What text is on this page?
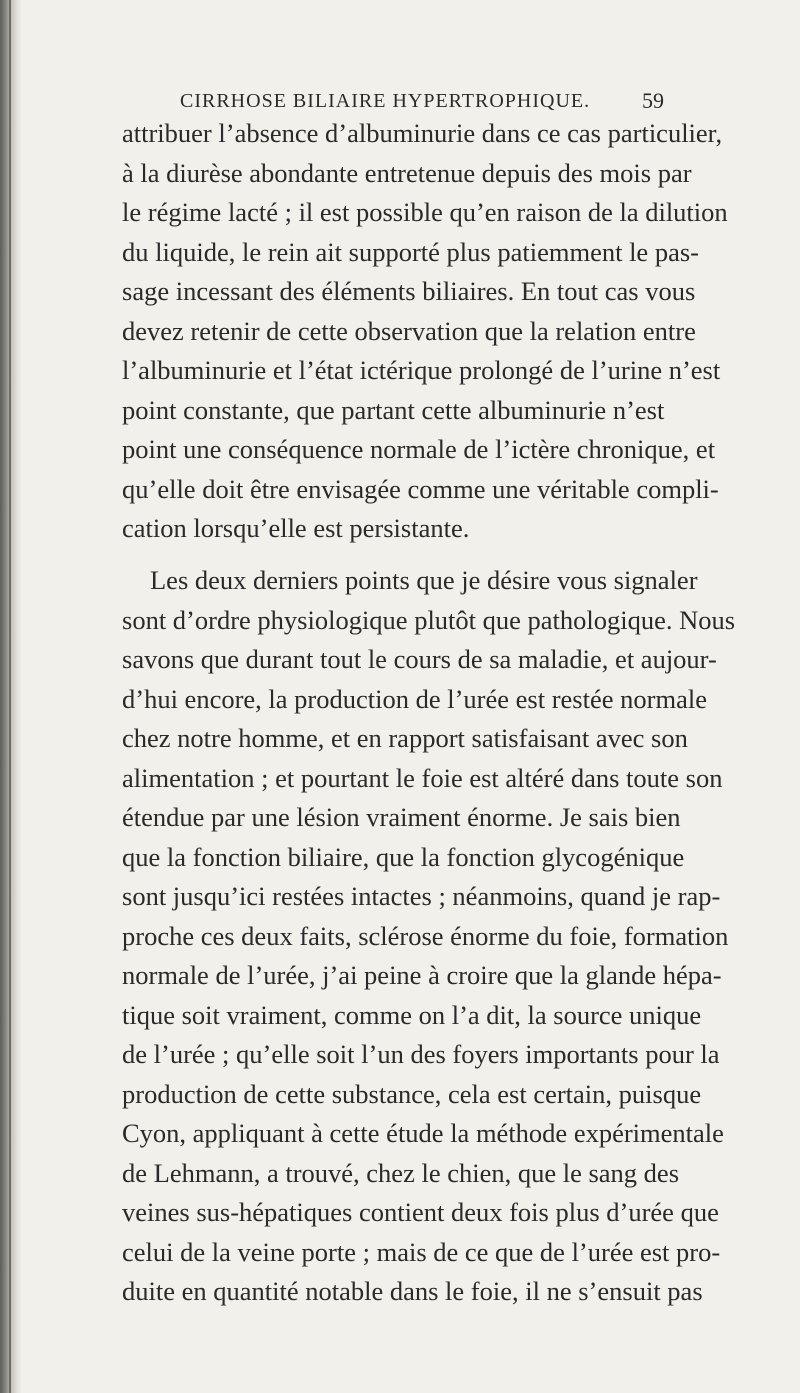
CIRRHOSE BILIAIRE HYPERTROPHIQUE.	59
attribuer l’absence d’albuminurie dans ce cas particulier,
à la diurèse abondante entretenue depuis des mois par
le régime lacté ; il est possible qu’en raison de la dilution
du liquide, le rein ait supporté plus patiemment le pas-
sage incessant des éléments biliaires. En tout cas vous
devez retenir de cette observation que la relation entre
l’albuminurie et l’état ictérique prolongé de l’urine n’est
point constante, que partant cette albuminurie n’est
point une conséquence normale de l’ictère chronique, et
qu’elle doit être envisagée comme une véritable compli-
cation lorsqu’elle est persistante.
Les deux derniers points que je désire vous signaler
sont d’ordre physiologique plutôt que pathologique. Nous
savons que durant tout le cours de sa maladie, et aujour-
d’hui encore, la production de l’urée est restée normale
chez notre homme, et en rapport satisfaisant avec son
alimentation ; et pourtant le foie est altéré dans toute son
étendue par une lésion vraiment énorme. Je sais bien
que la fonction biliaire, que la fonction glycogénique
sont jusqu’ici restées intactes ; néanmoins, quand je rap-
proche ces deux faits, sclérose énorme du foie, formation
normale de l’urée, j’ai peine à croire que la glande hépa-
tique soit vraiment, comme on l’a dit, la source unique
de l’urée ; qu’elle soit l’un des foyers importants pour la
production de cette substance, cela est certain, puisque
Cyon, appliquant à cette étude la méthode expérimentale
de Lehmann, a trouvé, chez le chien, que le sang des
veines sus-hépatiques contient deux fois plus d’urée que
celui de la veine porte ; mais de ce que de l’urée est pro-
duite en quantité notable dans le foie, il ne s’ensuit pas
